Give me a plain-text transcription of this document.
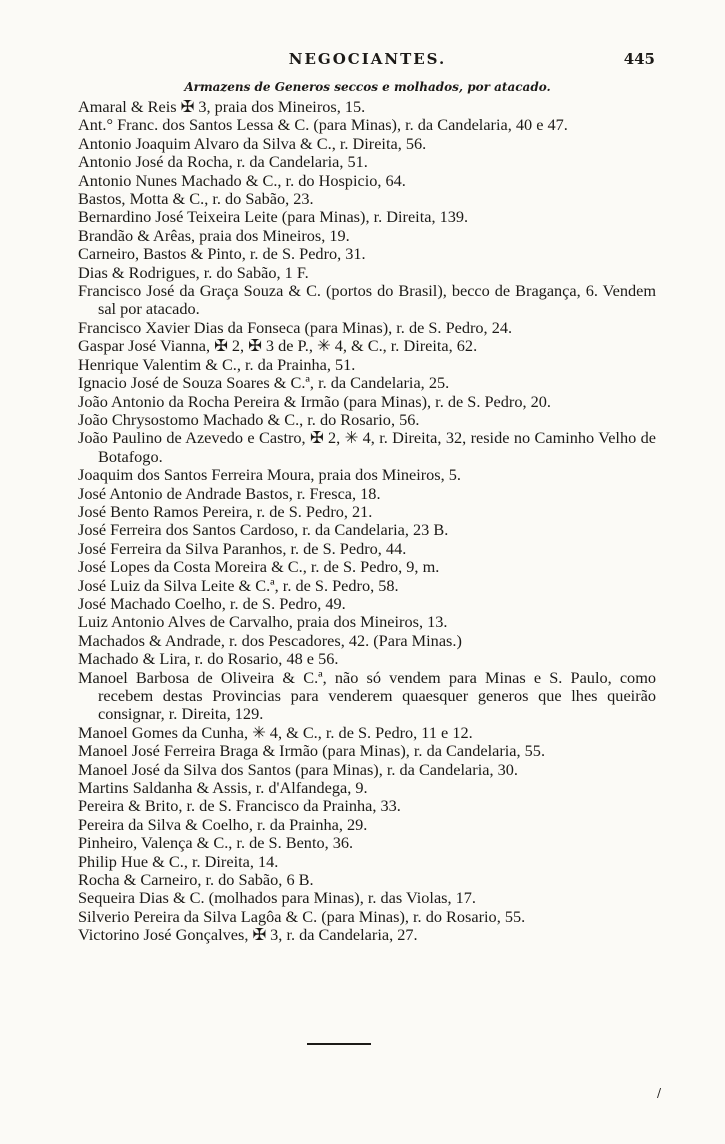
NEGOCIANTES.	445
Armazens de Generos seccos e molhados, por atacado.
Amaral & Reis ✠ 3, praia dos Mineiros, 15.
Ant.° Franc. dos Santos Lessa & C. (para Minas), r. da Candelaria, 40 e 47.
Antonio Joaquim Alvaro da Silva & C., r. Direita, 56.
Antonio José da Rocha, r. da Candelaria, 51.
Antonio Nunes Machado & C., r. do Hospicio, 64.
Bastos, Motta & C., r. do Sabão, 23.
Bernardino José Teixeira Leite (para Minas), r. Direita, 139.
Brandão & Arêas, praia dos Mineiros, 19.
Carneiro, Bastos & Pinto, r. de S. Pedro, 31.
Dias & Rodrigues, r. do Sabão, 1 F.
Francisco José da Graça Souza & C. (portos do Brasil), becco de Bragança, 6. Vendem sal por atacado.
Francisco Xavier Dias da Fonseca (para Minas), r. de S. Pedro, 24.
Gaspar José Vianna, ✠ 2, ✠ 3 de P., ✳ 4, & C., r. Direita, 62.
Henrique Valentim & C., r. da Prainha, 51.
Ignacio José de Souza Soares & C.ª, r. da Candelaria, 25.
João Antonio da Rocha Pereira & Irmão (para Minas), r. de S. Pedro, 20.
João Chrysostomo Machado & C., r. do Rosario, 56.
João Paulino de Azevedo e Castro, ✠ 2, ✳ 4, r. Direita, 32, reside no Caminho Velho de Botafogo.
Joaquim dos Santos Ferreira Moura, praia dos Mineiros, 5.
José Antonio de Andrade Bastos, r. Fresca, 18.
José Bento Ramos Pereira, r. de S. Pedro, 21.
José Ferreira dos Santos Cardoso, r. da Candelaria, 23 B.
José Ferreira da Silva Paranhos, r. de S. Pedro, 44.
José Lopes da Costa Moreira & C., r. de S. Pedro, 9, m.
José Luiz da Silva Leite & C.ª, r. de S. Pedro, 58.
José Machado Coelho, r. de S. Pedro, 49.
Luiz Antonio Alves de Carvalho, praia dos Mineiros, 13.
Machados & Andrade, r. dos Pescadores, 42. (Para Minas.)
Machado & Lira, r. do Rosario, 48 e 56.
Manoel Barbosa de Oliveira & C.ª, não só vendem para Minas e S. Paulo, como recebem destas Provincias para venderem quaesquer generos que lhes queirão consignar, r. Direita, 129.
Manoel Gomes da Cunha, ✳ 4, & C., r. de S. Pedro, 11 e 12.
Manoel José Ferreira Braga & Irmão (para Minas), r. da Candelaria, 55.
Manoel José da Silva dos Santos (para Minas), r. da Candelaria, 30.
Martins Saldanha & Assis, r. d'Alfandega, 9.
Pereira & Brito, r. de S. Francisco da Prainha, 33.
Pereira da Silva & Coelho, r. da Prainha, 29.
Pinheiro, Valença & C., r. de S. Bento, 36.
Philip Hue & C., r. Direita, 14.
Rocha & Carneiro, r. do Sabão, 6 B.
Sequeira Dias & C. (molhados para Minas), r. das Violas, 17.
Silverio Pereira da Silva Lagôa & C. (para Minas), r. do Rosario, 55.
Victorino José Gonçalves, ✠ 3, r. da Candelaria, 27.
/
